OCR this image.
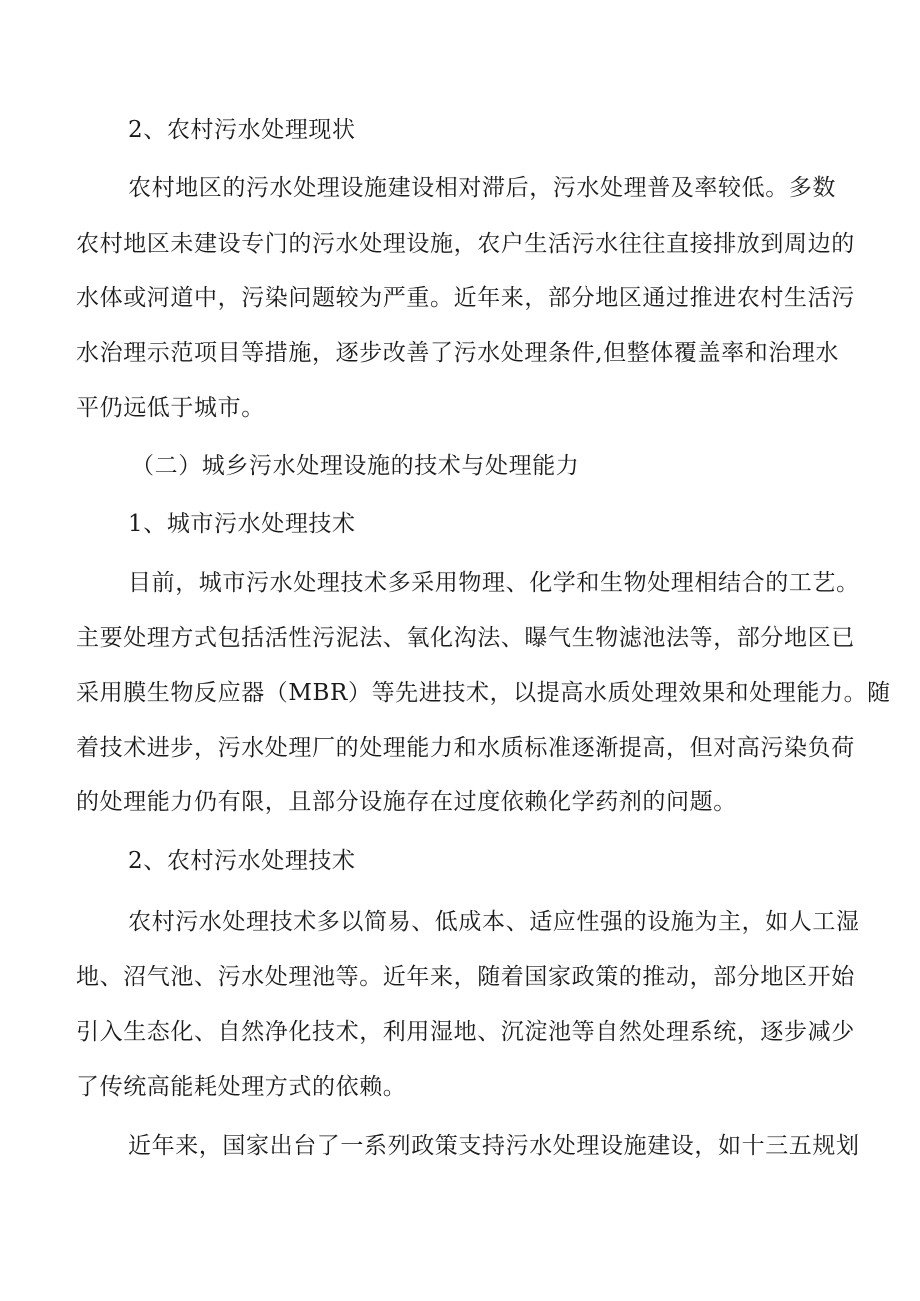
2、农村污水处理现状
农村地区的污水处理设施建设相对滞后，污水处理普及率较低。多数
农村地区未建设专门的污水处理设施，农户生活污水往往直接排放到周边的
水体或河道中，污染问题较为严重。近年来，部分地区通过推进农村生活污
水治理示范项目等措施，逐步改善了污水处理条件,但整体覆盖率和治理水
平仍远低于城市。
（二）城乡污水处理设施的技术与处理能力
1、城市污水处理技术
目前，城市污水处理技术多采用物理、化学和生物处理相结合的工艺。
主要处理方式包括活性污泥法、氧化沟法、曝气生物滤池法等，部分地区已
采用膜生物反应器（MBR）等先进技术，以提高水质处理效果和处理能力。随
着技术进步，污水处理厂的处理能力和水质标准逐渐提高，但对高污染负荷
的处理能力仍有限，且部分设施存在过度依赖化学药剂的问题。
2、农村污水处理技术
农村污水处理技术多以简易、低成本、适应性强的设施为主，如人工湿
地、沼气池、污水处理池等。近年来，随着国家政策的推动，部分地区开始
引入生态化、自然净化技术，利用湿地、沉淀池等自然处理系统，逐步减少
了传统高能耗处理方式的依赖。
近年来，国家出台了一系列政策支持污水处理设施建设，如十三五规划
